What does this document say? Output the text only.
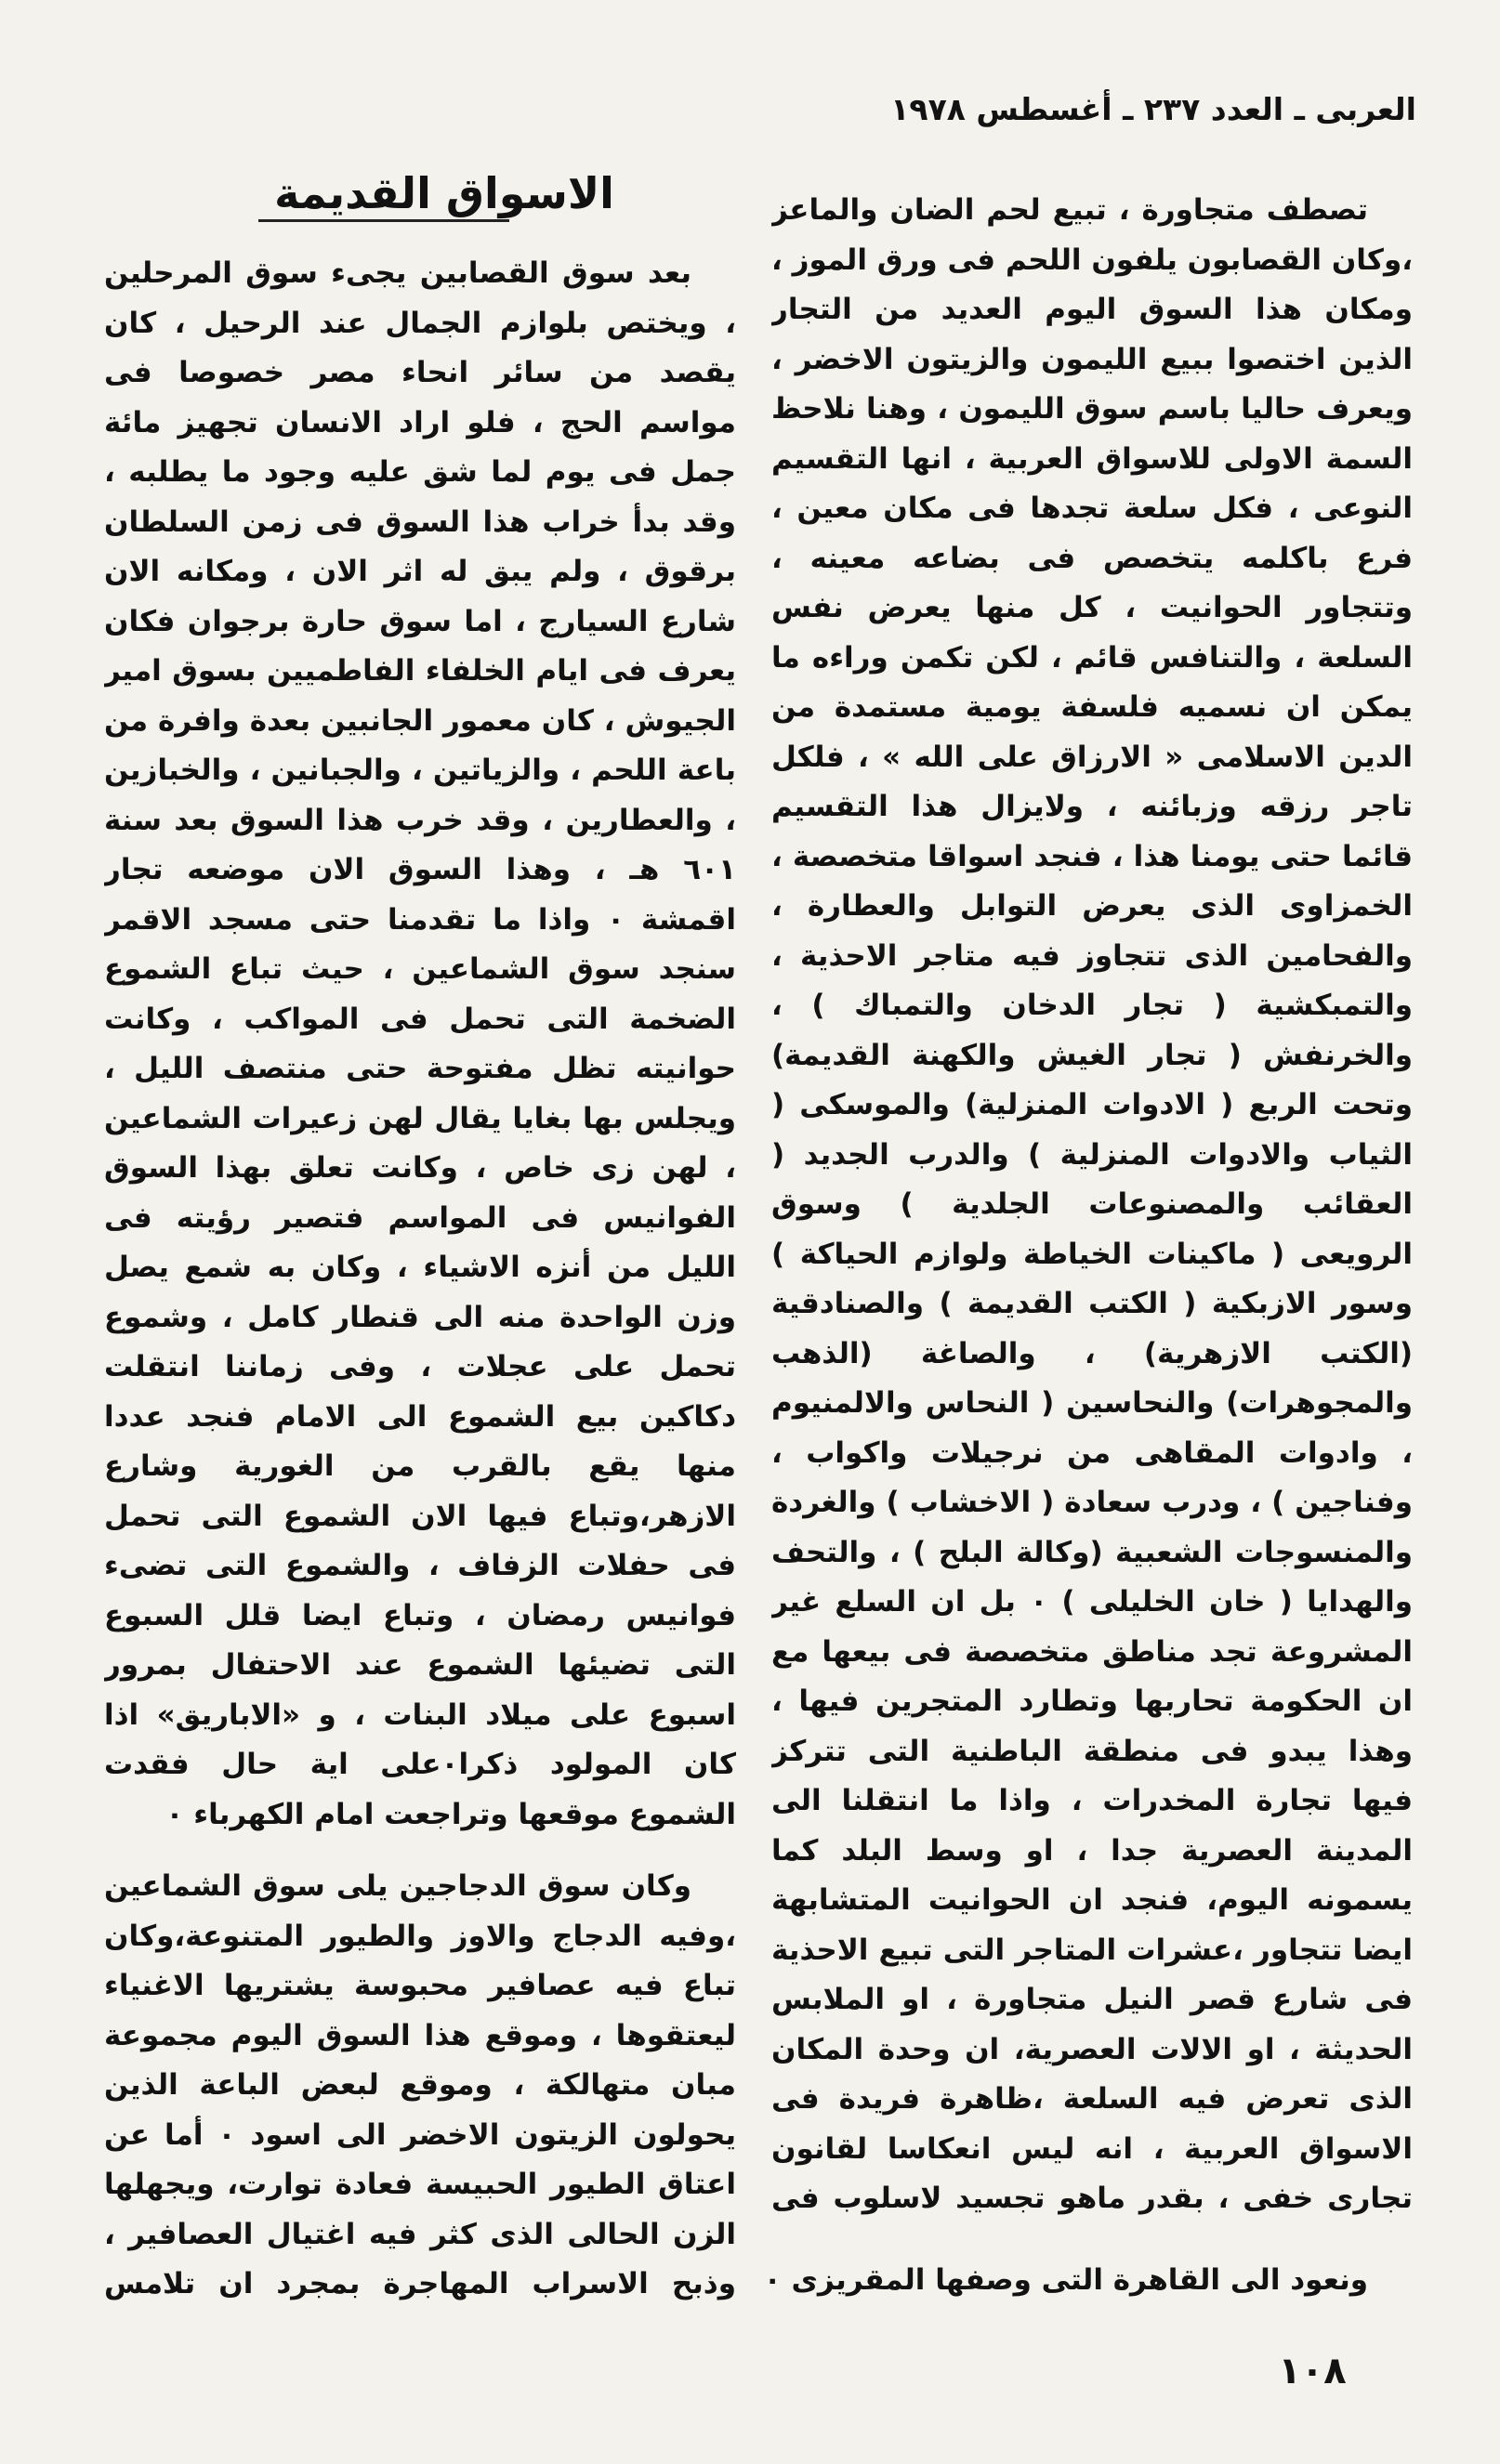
العربى ـ العدد ٢٣٧ ـ أغسطس ١٩٧٨
الاسواق القديمة	تصطف متجاورة ، تبيع لحم الضان والماعز ،وكان القصابون يلفون اللحم فى ورق الموز ، ومكان هذا السوق اليوم العديد من التجار الذين اختصوا ببيع الليمون والزيتون الاخضر ، ويعرف حاليا باسم سوق الليمون ، وهنا نلاحظ السمة الاولى للاسواق العربية ، انها التقسيم النوعى ، فكل سلعة تجدها فى مكان معين ، فرع باكلمه يتخصص فى بضاعه معينه ، وتتجاور الحوانيت ، كل منها يعرض نفس السلعة ، والتنافس قائم ، لكن تكمن وراءه ما يمكن ان نسميه فلسفة يومية مستمدة من الدين الاسلامى « الارزاق على الله » ، فلكل تاجر رزقه وزبائنه ، ولايزال هذا التقسيم قائما حتى يومنا هذا ، فنجد اسواقا متخصصة ، الخمزاوى الذى يعرض التوابل والعطارة ، والفحامين الذى تتجاوز فيه متاجر الاحذية ، والتمبكشية ( تجار الدخان والتمباك ) ، والخرنفش ( تجار الغيش والكهنة القديمة) وتحت الربع ( الادوات المنزلية) والموسكى ( الثياب والادوات المنزلية ) والدرب الجديد ( العقائب والمصنوعات الجلدية ) وسوق الرويعى ( ماكينات الخياطة ولوازم الحياكة ) وسور الازبكية ( الكتب القديمة ) والصنادقية (الكتب الازهرية) ، والصاغة (الذهب والمجوهرات) والنحاسين ( النحاس والالمنيوم ، وادوات المقاهى من نرجيلات واكواب ، وفناجين ) ، ودرب سعادة ( الاخشاب ) والغردة والمنسوجات الشعبية (وكالة البلح ) ، والتحف والهدايا ( خان الخليلى ) ٠ بل ان السلع غير المشروعة تجد مناطق متخصصة فى بيعها مع ان الحكومة تحاربها وتطارد المتجرين فيها ، وهذا يبدو فى منطقة الباطنية التى تتركز فيها تجارة المخدرات ، واذا ما انتقلنا الى المدينة العصرية جدا ، او وسط البلد كما يسمونه اليوم، فنجد ان الحوانيت المتشابهة ايضا تتجاور ،عشرات المتاجر التى تبيع الاحذية فى شارع قصر النيل متجاورة ، او الملابس الحديثة ، او الالات العصرية، ان وحدة المكان الذى تعرض فيه السلعة ،ظاهرة فريدة فى الاسواق العربية ، انه ليس انعكاسا لقانون تجارى خفى ، بقدر ماهو تجسيد لاسلوب فى

ونعود الى القاهرة التى وصفها المقريزى ٠

بعد سوق القصابين يجىء سوق المرحلين ، ويختص بلوازم الجمال عند الرحيل ، كان يقصد من سائر انحاء مصر خصوصا فى مواسم الحج ، فلو اراد الانسان تجهيز مائة جمل فى يوم لما شق عليه وجود ما يطلبه ، وقد بدأ خراب هذا السوق فى زمن السلطان برقوق ، ولم يبق له اثر الان ، ومكانه الان شارع السيارج ، اما سوق حارة برجوان فكان يعرف فى ايام الخلفاء الفاطميين بسوق امير الجيوش ، كان معمور الجانبين بعدة وافرة من باعة اللحم ، والزياتين ، والجبانين ، والخبازين ، والعطارين ، وقد خرب هذا السوق بعد سنة ٦٠١ هـ ، وهذا السوق الان موضعه تجار اقمشة ٠ واذا ما تقدمنا حتى مسجد الاقمر سنجد سوق الشماعين ، حيث تباع الشموع الضخمة التى تحمل فى المواكب ، وكانت حوانيته تظل مفتوحة حتى منتصف الليل ، ويجلس بها بغايا يقال لهن زعيرات الشماعين ، لهن زى خاص ، وكانت تعلق بهذا السوق الفوانيس فى المواسم فتصير رؤيته فى الليل من أنزه الاشياء ، وكان به شمع يصل وزن الواحدة منه الى قنطار كامل ، وشموع تحمل على عجلات ، وفى زماننا انتقلت دكاكين بيع الشموع الى الامام فنجد عددا منها يقع بالقرب من الغورية وشارع الازهر،وتباع فيها الان الشموع التى تحمل فى حفلات الزفاف ، والشموع التى تضىء فوانيس رمضان ، وتباع ايضا قلل السبوع التى تضيئها الشموع عند الاحتفال بمرور اسبوع على ميلاد البنات ، و «الاباريق» اذا كان المولود ذكرا٠على اية حال فقدت الشموع موقعها وتراجعت امام الكهرباء ٠

وكان سوق الدجاجين يلى سوق الشماعين ،وفيه الدجاج والاوز والطيور المتنوعة،وكان تباع فيه عصافير محبوسة يشتريها الاغنياء ليعتقوها ، وموقع هذا السوق اليوم مجموعة مبان متهالكة ، وموقع لبعض الباعة الذين يحولون الزيتون الاخضر الى اسود ٠ أما عن اعتاق الطيور الحبيسة فعادة توارت، ويجهلها الزن الحالى الذى كثر فيه اغتيال العصافير ، وذبح الاسراب المهاجرة بمجرد ان تلامس

١٠٨
